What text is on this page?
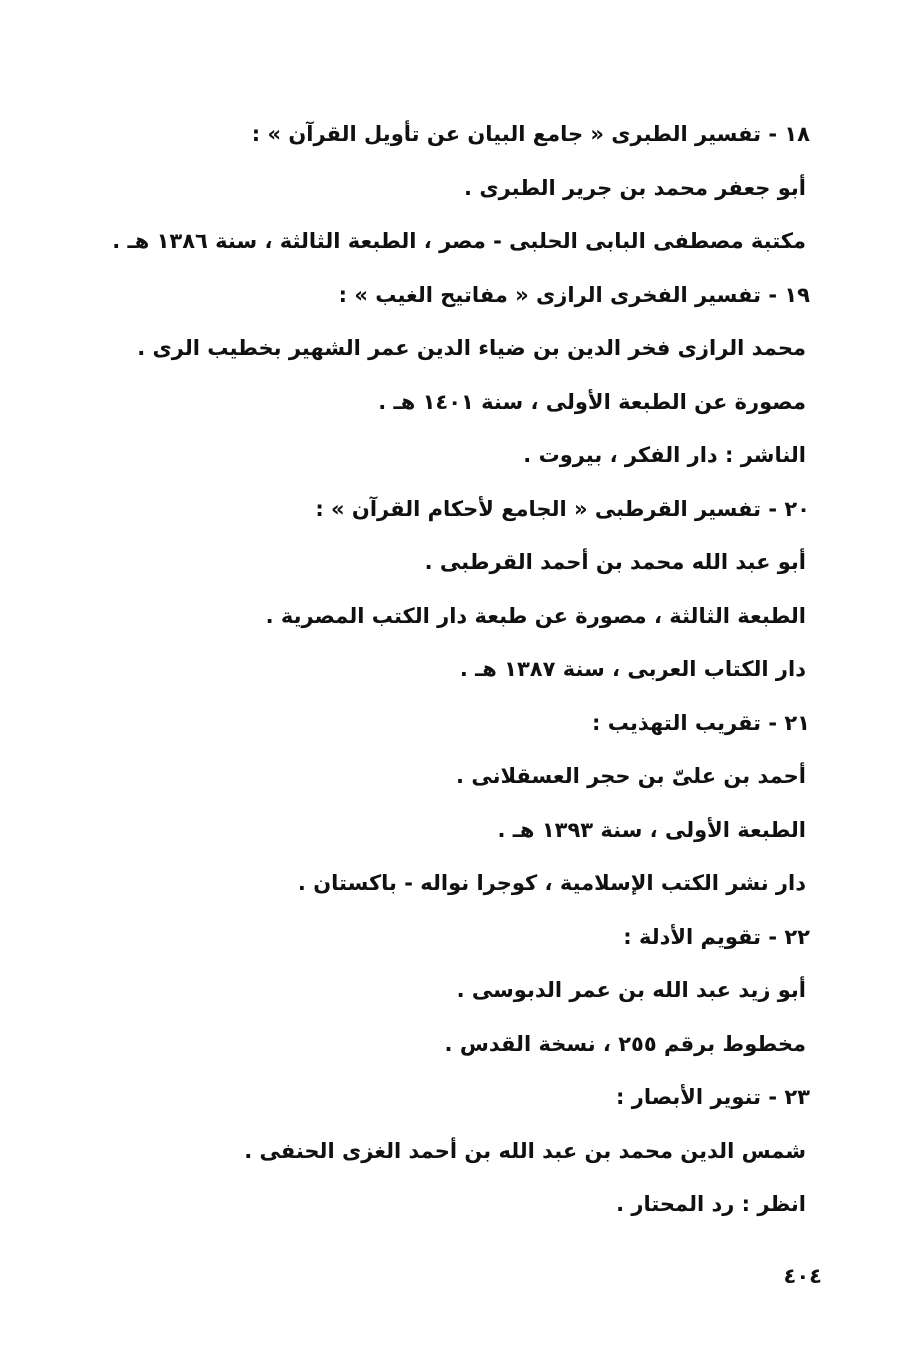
١٨ - تفسير الطبرى « جامع البيان عن تأويل القرآن » :
أبو جعفر محمد بن جرير الطبرى .
مكتبة مصطفى البابى الحلبى - مصر ، الطبعة الثالثة ، سنة ١٣٨٦ هـ .
١٩ - تفسير الفخرى الرازى « مفاتيح الغيب » :
محمد الرازى فخر الدين بن ضياء الدين عمر الشهير بخطيب الرى .
مصورة عن الطبعة الأولى ، سنة ١٤٠١ هـ .
الناشر : دار الفكر ، بيروت .
٢٠ - تفسير القرطبى « الجامع لأحكام القرآن » :
أبو عبد الله محمد بن أحمد القرطبى .
الطبعة الثالثة ، مصورة عن طبعة دار الكتب المصرية .
دار الكتاب العربى ، سنة ١٣٨٧ هـ .
٢١ - تقريب التهذيب :
أحمد بن علىّ بن حجر العسقلانى .
الطبعة الأولى ، سنة ١٣٩٣ هـ .
دار نشر الكتب الإسلامية ، كوجرا نواله - باكستان .
٢٢ - تقويم الأدلة :
أبو زيد عبد الله بن عمر الدبوسى .
مخطوط برقم ٢٥٥ ، نسخة القدس .
٢٣ - تنوير الأبصار :
شمس الدين محمد بن عبد الله بن أحمد الغزى الحنفى .
انظر : رد المحتار .
٤٠٤
